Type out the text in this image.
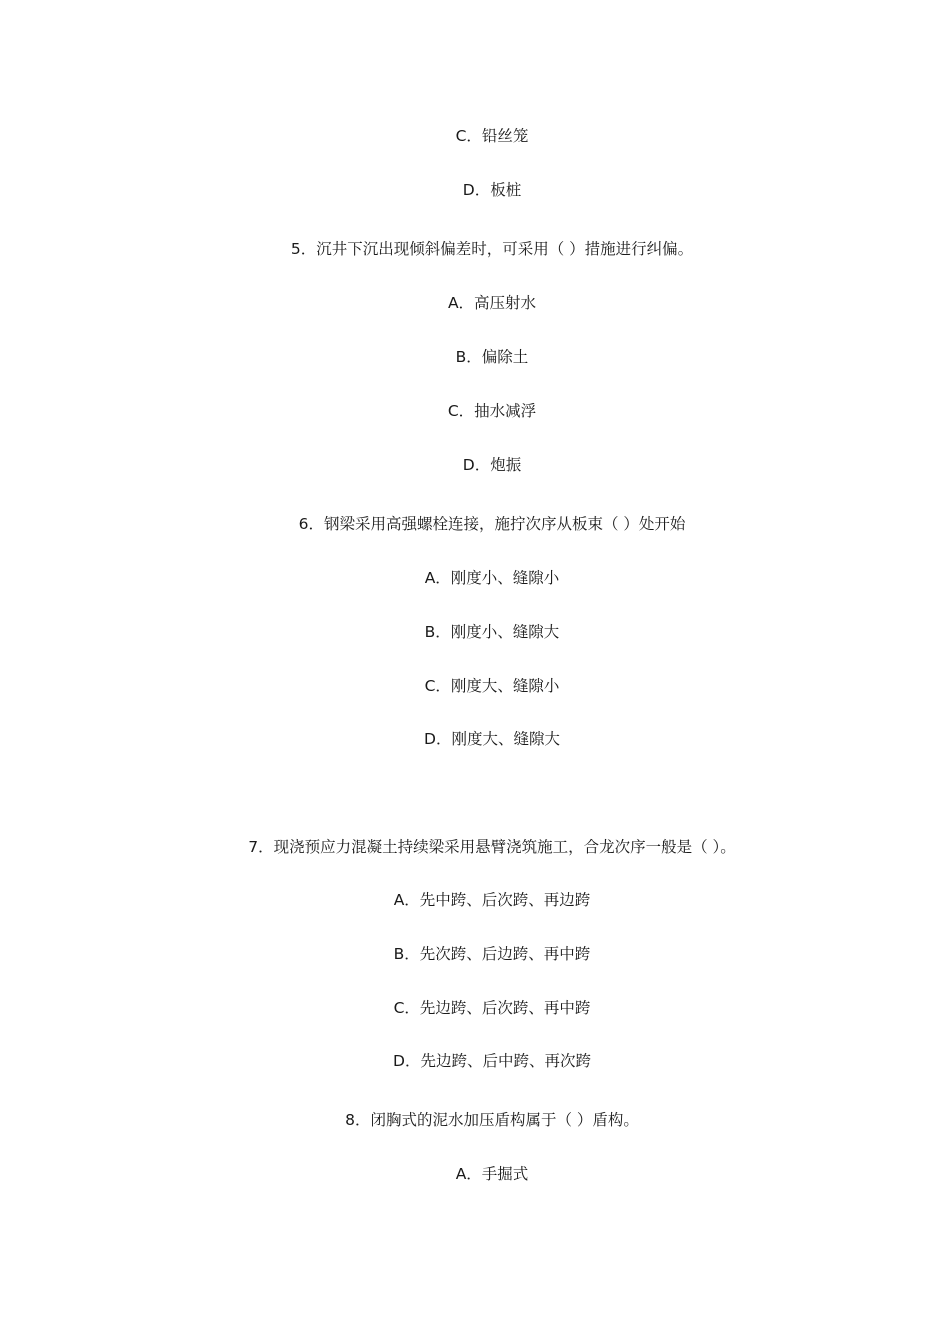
C．铅丝笼
D．板桩
5．沉井下沉出现倾斜偏差时，可采用（ ）措施进行纠偏。
A．高压射水
B．偏除土
C．抽水减浮
D．炮振
6．钢梁采用高强螺栓连接，施拧次序从板束（ ）处开始
A．刚度小、缝隙小
B．刚度小、缝隙大
C．刚度大、缝隙小
D．刚度大、缝隙大
7．现浇预应力混凝土持续梁采用悬臂浇筑施工，合龙次序一般是（ ）。
A．先中跨、后次跨、再边跨
B．先次跨、后边跨、再中跨
C．先边跨、后次跨、再中跨
D．先边跨、后中跨、再次跨
8．闭胸式的泥水加压盾构属于（ ）盾构。
A．手掘式
